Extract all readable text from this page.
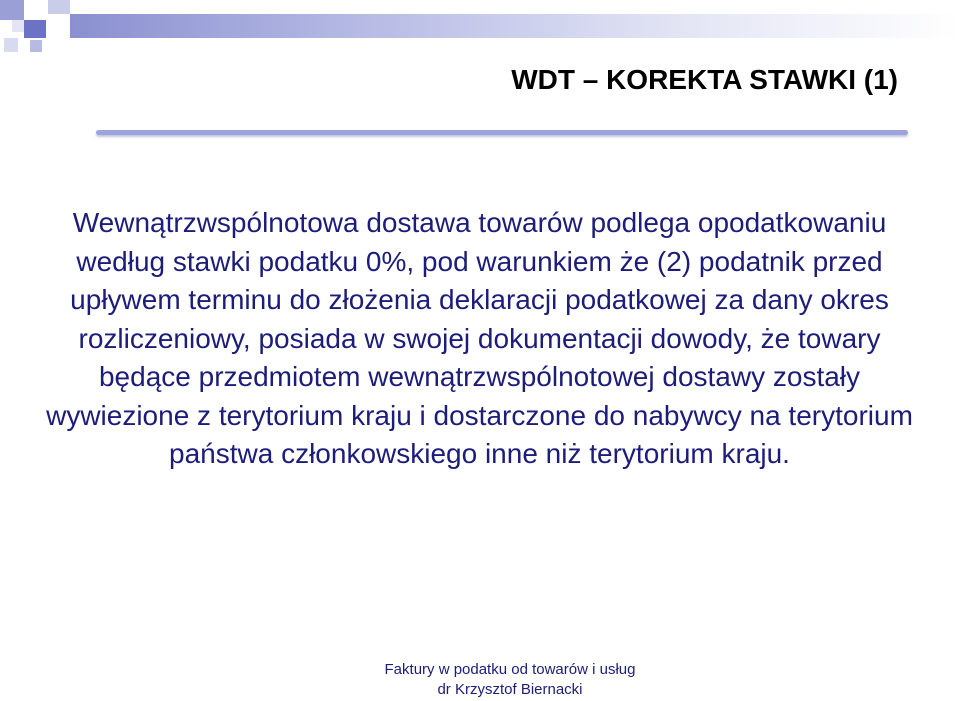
WDT – KOREKTA STAWKI (1)

Wewnątrzwspólnotowa dostawa towarów podlega opodatkowaniu według stawki podatku 0%, pod warunkiem że (2) podatnik przed upływem terminu do złożenia deklaracji podatkowej za dany okres rozliczeniowy, posiada w swojej dokumentacji dowody, że towary będące przedmiotem wewnątrzwspólnotowej dostawy zostały wywiezione z terytorium kraju i dostarczone do nabywcy na terytorium państwa członkowskiego inne niż terytorium kraju.

Faktury w podatku od towarów i usług
dr Krzysztof Biernacki
